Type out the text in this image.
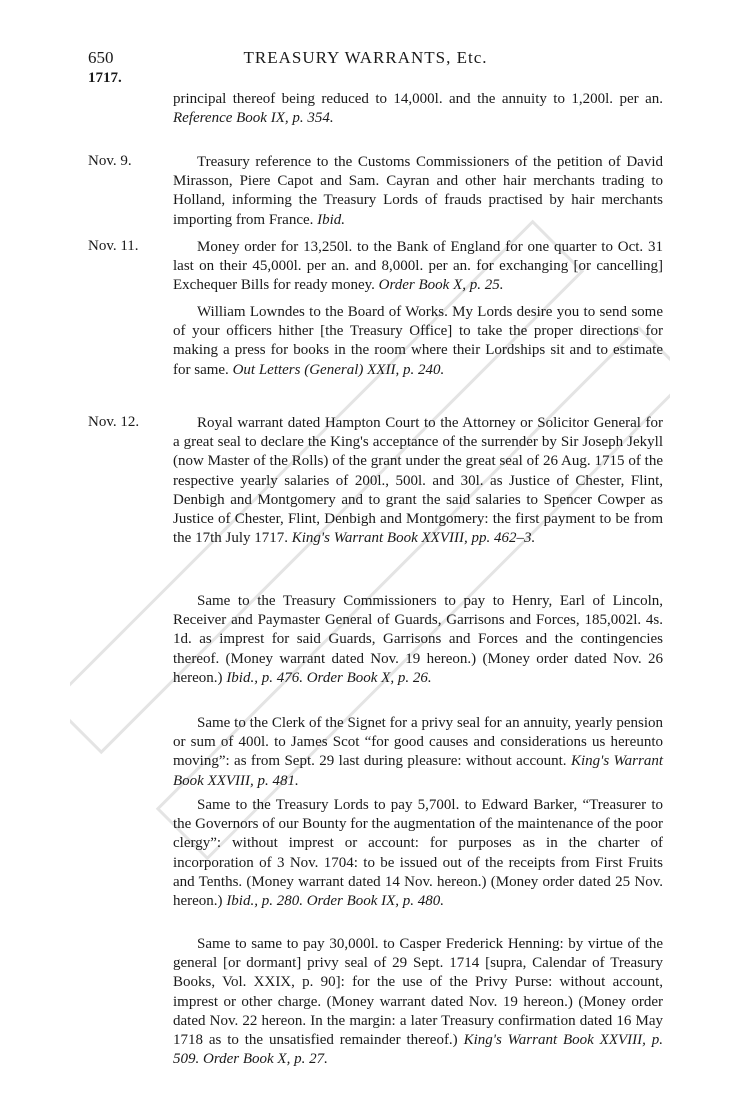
650	TREASURY WARRANTS, Etc.
1717.
principal thereof being reduced to 14,000l. and the annuity to 1,200l. per an. Reference Book IX, p. 354.
Nov. 9.	Treasury reference to the Customs Commissioners of the petition of David Mirasson, Piere Capot and Sam. Cayran and other hair merchants trading to Holland, informing the Treasury Lords of frauds practised by hair merchants importing from France. Ibid.
Nov. 11.	Money order for 13,250l. to the Bank of England for one quarter to Oct. 31 last on their 45,000l. per an. and 8,000l. per an. for exchanging [or cancelling] Exchequer Bills for ready money. Order Book X, p. 25.
William Lowndes to the Board of Works. My Lords desire you to send some of your officers hither [the Treasury Office] to take the proper directions for making a press for books in the room where their Lordships sit and to estimate for same. Out Letters (General) XXII, p. 240.
Nov. 12.	Royal warrant dated Hampton Court to the Attorney or Solicitor General for a great seal to declare the King's acceptance of the surrender by Sir Joseph Jekyll (now Master of the Rolls) of the grant under the great seal of 26 Aug. 1715 of the respective yearly salaries of 200l., 500l. and 30l. as Justice of Chester, Flint, Denbigh and Montgomery and to grant the said salaries to Spencer Cowper as Justice of Chester, Flint, Denbigh and Montgomery: the first payment to be from the 17th July 1717. King's Warrant Book XXVIII, pp. 462–3.
Same to the Treasury Commissioners to pay to Henry, Earl of Lincoln, Receiver and Paymaster General of Guards, Garrisons and Forces, 185,002l. 4s. 1d. as imprest for said Guards, Garrisons and Forces and the contingencies thereof. (Money warrant dated Nov. 19 hereon.) (Money order dated Nov. 26 hereon.) Ibid., p. 476. Order Book X, p. 26.
Same to the Clerk of the Signet for a privy seal for an annuity, yearly pension or sum of 400l. to James Scot “for good causes and considerations us hereunto moving”: as from Sept. 29 last during pleasure: without account. King's Warrant Book XXVIII, p. 481.
Same to the Treasury Lords to pay 5,700l. to Edward Barker, “Treasurer to the Governors of our Bounty for the augmentation of the maintenance of the poor clergy”: without imprest or account: for purposes as in the charter of incorporation of 3 Nov. 1704: to be issued out of the receipts from First Fruits and Tenths. (Money warrant dated 14 Nov. hereon.) (Money order dated 25 Nov. hereon.) Ibid., p. 280. Order Book IX, p. 480.
Same to same to pay 30,000l. to Casper Frederick Henning: by virtue of the general [or dormant] privy seal of 29 Sept. 1714 [supra, Calendar of Treasury Books, Vol. XXIX, p. 90]: for the use of the Privy Purse: without account, imprest or other charge. (Money warrant dated Nov. 19 hereon.) (Money order dated Nov. 22 hereon. In the margin: a later Treasury confirmation dated 16 May 1718 as to the unsatisfied remainder thereof.) King's Warrant Book XXVIII, p. 509. Order Book X, p. 27.
